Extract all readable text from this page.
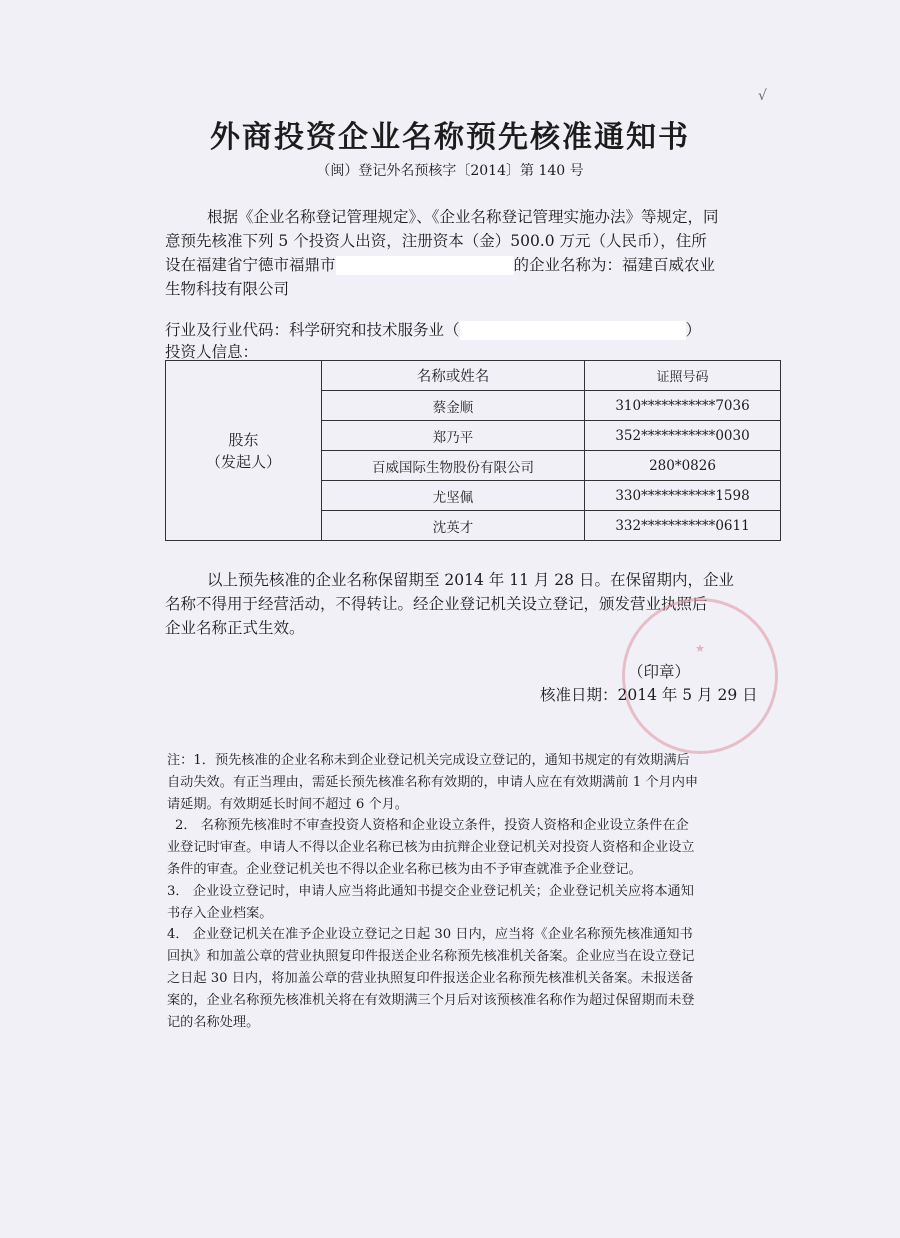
√
外商投资企业名称预先核准通知书
（闽）登记外名预核字〔2014〕第 140 号
根据《企业名称登记管理规定》、《企业名称登记管理实施办法》等规定，同
意预先核准下列 5 个投资人出资，注册资本（金）500.0 万元（人民币），住所
设在福建省宁德市福鼎市	的企业名称为：福建百威农业
生物科技有限公司
行业及行业代码：科学研究和技术服务业（	）
投资人信息：
股东
（发起人）	名称或姓名	证照号码
	蔡金顺	310***********7036
	郑乃平	352***********0030
	百威国际生物股份有限公司	280*0826
	尤坚佩	330***********1598
	沈英才	332***********0611
以上预先核准的企业名称保留期至 2014 年 11 月 28 日。在保留期内，企业
名称不得用于经营活动，不得转让。经企业登记机关设立登记，颁发营业执照后
企业名称正式生效。
★
（印章）
核准日期：2014 年 5 月 29 日

注：1．预先核准的企业名称未到企业登记机关完成设立登记的，通知书规定的有效期满后

自动失效。有正当理由，需延长预先核准名称有效期的，申请人应在有效期满前 1 个月内申

请延期。有效期延长时间不超过 6 个月。

2． 名称预先核准时不审查投资人资格和企业设立条件，投资人资格和企业设立条件在企

业登记时审查。申请人不得以企业名称已核为由抗辩企业登记机关对投资人资格和企业设立

条件的审查。企业登记机关也不得以企业名称已核为由不予审查就准予企业登记。

3． 企业设立登记时，申请人应当将此通知书提交企业登记机关；企业登记机关应将本通知

书存入企业档案。

4． 企业登记机关在准予企业设立登记之日起 30 日内，应当将《企业名称预先核准通知书

回执》和加盖公章的营业执照复印件报送企业名称预先核准机关备案。企业应当在设立登记

之日起 30 日内，将加盖公章的营业执照复印件报送企业名称预先核准机关备案。未报送备

案的，企业名称预先核准机关将在有效期满三个月后对该预核准名称作为超过保留期而未登

记的名称处理。
